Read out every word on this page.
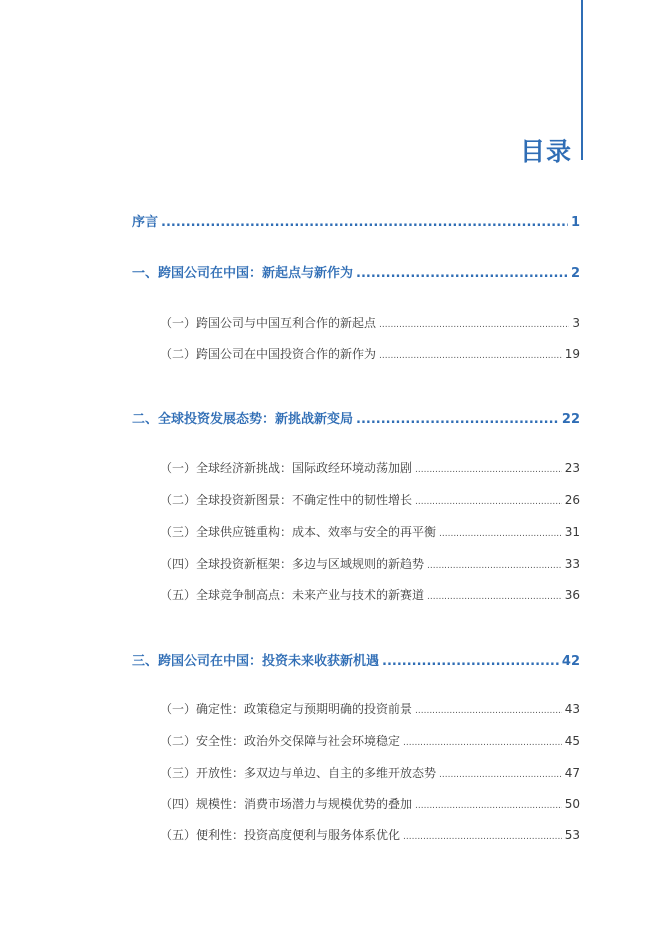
目录
序言 .....	1
一、跨国公司在中国：新起点与新作为 .....	2
（一）跨国公司与中国互利合作的新起点 .....	3
（二）跨国公司在中国投资合作的新作为 .....	19
二、全球投资发展态势：新挑战新变局 .....	22
（一）全球经济新挑战：国际政经环境动荡加剧 .....	23
（二）全球投资新图景：不确定性中的韧性增长 .....	26
（三）全球供应链重构：成本、效率与安全的再平衡 .....	31
（四）全球投资新框架：多边与区域规则的新趋势 .....	33
（五）全球竞争制高点：未来产业与技术的新赛道 .....	36
三、跨国公司在中国：投资未来收获新机遇 .....	42
（一）确定性：政策稳定与预期明确的投资前景 .....	43
（二）安全性：政治外交保障与社会环境稳定 .....	45
（三）开放性：多双边与单边、自主的多维开放态势 .....	47
（四）规模性：消费市场潜力与规模优势的叠加 .....	50
（五）便利性：投资高度便利与服务体系优化 .....	53
